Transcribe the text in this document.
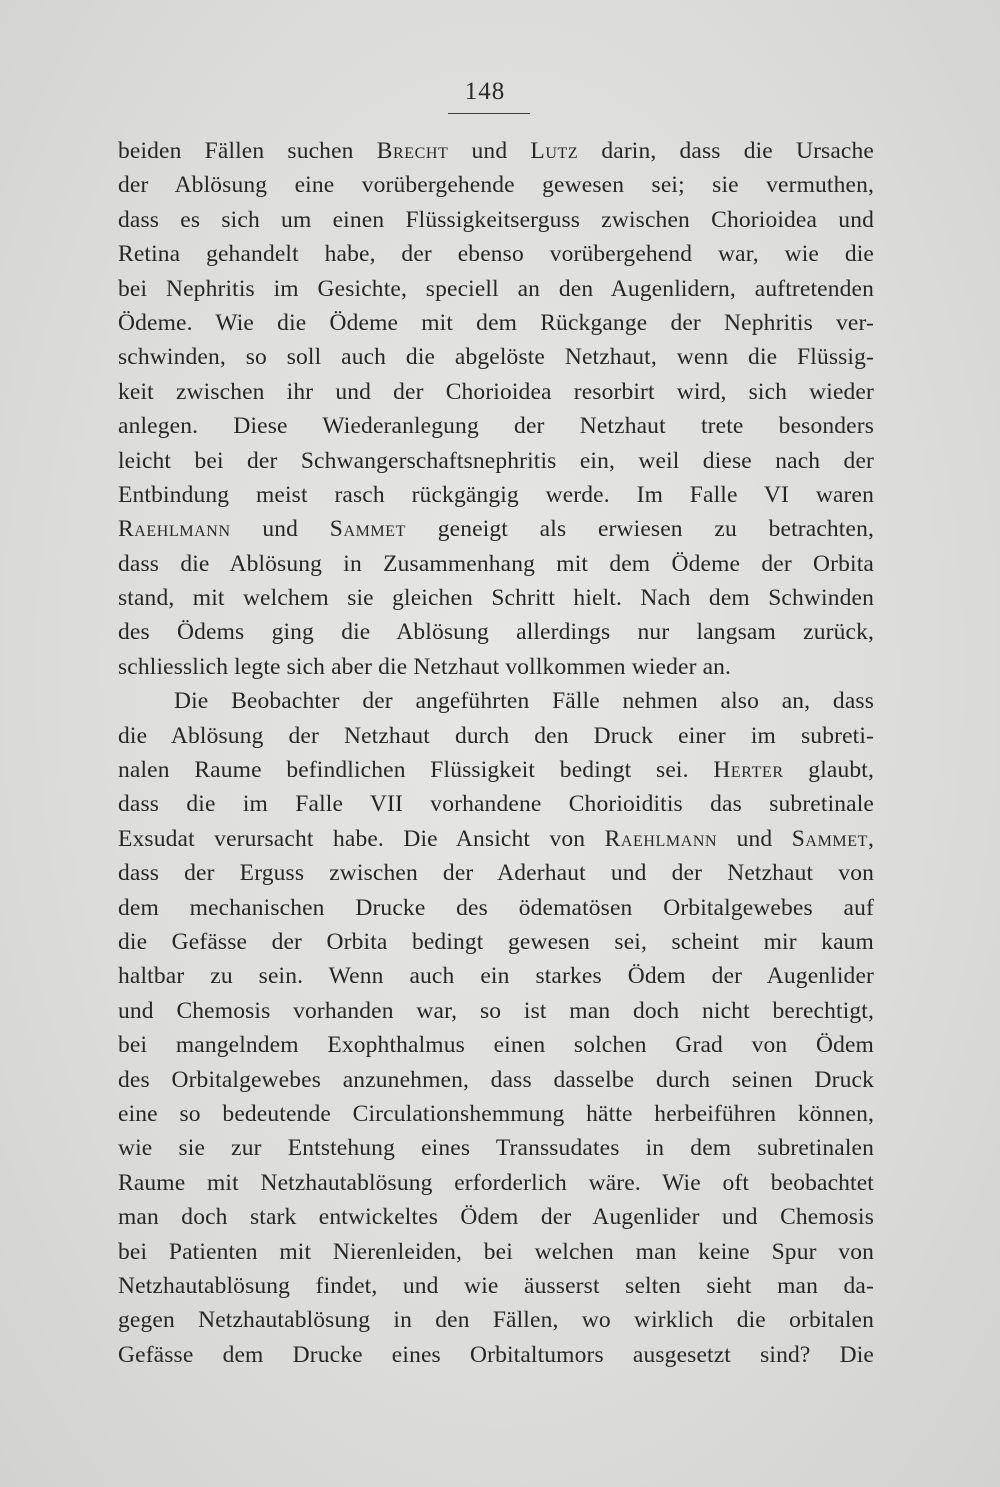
148
beiden Fällen suchen Brecht und Lutz darin, dass die Ursache
der Ablösung eine vorübergehende gewesen sei; sie vermuthen,
dass es sich um einen Flüssigkeitserguss zwischen Chorioidea und
Retina gehandelt habe, der ebenso vorübergehend war, wie die
bei Nephritis im Gesichte, speciell an den Augenlidern, auftretenden
Ödeme. Wie die Ödeme mit dem Rückgange der Nephritis ver-
schwinden, so soll auch die abgelöste Netzhaut, wenn die Flüssig-
keit zwischen ihr und der Chorioidea resorbirt wird, sich wieder
anlegen. Diese Wiederanlegung der Netzhaut trete besonders
leicht bei der Schwangerschaftsnephritis ein, weil diese nach der
Entbindung meist rasch rückgängig werde. Im Falle VI waren
Raehlmann und Sammet geneigt als erwiesen zu betrachten,
dass die Ablösung in Zusammenhang mit dem Ödeme der Orbita
stand, mit welchem sie gleichen Schritt hielt. Nach dem Schwinden
des Ödems ging die Ablösung allerdings nur langsam zurück,
schliesslich legte sich aber die Netzhaut vollkommen wieder an.
Die Beobachter der angeführten Fälle nehmen also an, dass
die Ablösung der Netzhaut durch den Druck einer im subreti-
nalen Raume befindlichen Flüssigkeit bedingt sei. Herter glaubt,
dass die im Falle VII vorhandene Chorioiditis das subretinale
Exsudat verursacht habe. Die Ansicht von Raehlmann und Sammet,
dass der Erguss zwischen der Aderhaut und der Netzhaut von
dem mechanischen Drucke des ödematösen Orbitalgewebes auf
die Gefässe der Orbita bedingt gewesen sei, scheint mir kaum
haltbar zu sein. Wenn auch ein starkes Ödem der Augenlider
und Chemosis vorhanden war, so ist man doch nicht berechtigt,
bei mangelndem Exophthalmus einen solchen Grad von Ödem
des Orbitalgewebes anzunehmen, dass dasselbe durch seinen Druck
eine so bedeutende Circulationshemmung hätte herbeiführen können,
wie sie zur Entstehung eines Transsudates in dem subretinalen
Raume mit Netzhautablösung erforderlich wäre. Wie oft beobachtet
man doch stark entwickeltes Ödem der Augenlider und Chemosis
bei Patienten mit Nierenleiden, bei welchen man keine Spur von
Netzhautablösung findet, und wie äusserst selten sieht man da-
gegen Netzhautablösung in den Fällen, wo wirklich die orbitalen
Gefässe dem Drucke eines Orbitaltumors ausgesetzt sind? Die
